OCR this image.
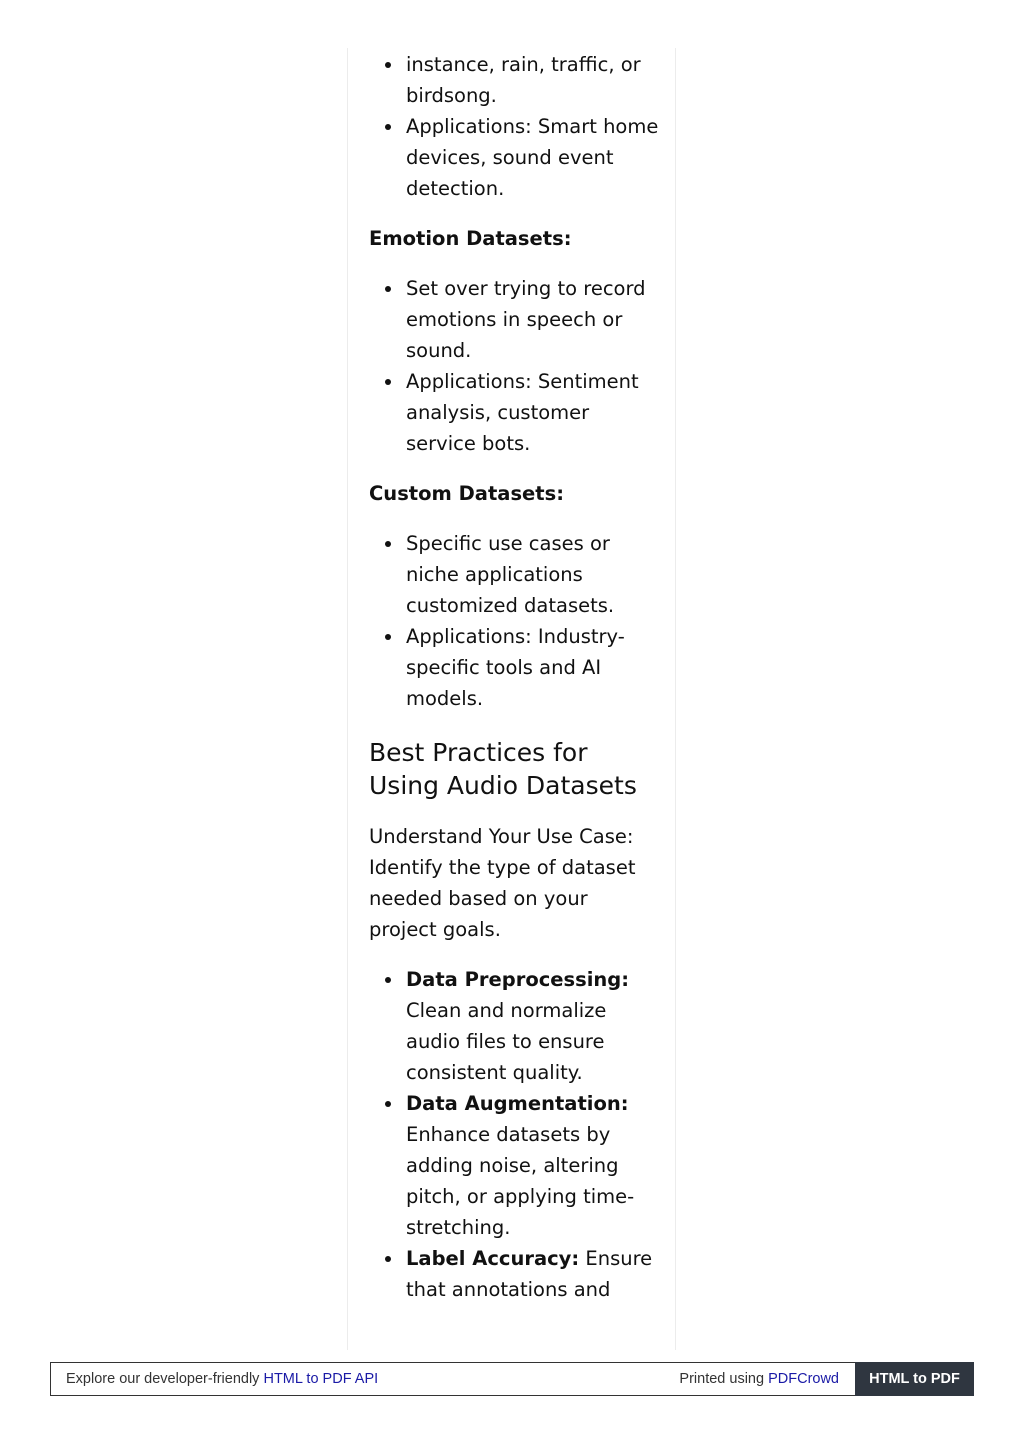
instance, rain, traffic, or birdsong.
Applications: Smart home devices, sound event detection.
Emotion Datasets:
Set over trying to record emotions in speech or sound.
Applications: Sentiment analysis, customer service bots.
Custom Datasets:
Specific use cases or niche applications customized datasets.
Applications: Industry-specific tools and AI models.
Best Practices for Using Audio Datasets

Understand Your Use Case: Identify the type of dataset needed based on your project goals.

Data Preprocessing: Clean and normalize audio files to ensure consistent quality.
Data Augmentation: Enhance datasets by adding noise, altering pitch, or applying time-stretching.
Label Accuracy: Ensure that annotations and
Explore our developer-friendly HTML to PDF API	Printed using PDFCrowd	HTML to PDF
